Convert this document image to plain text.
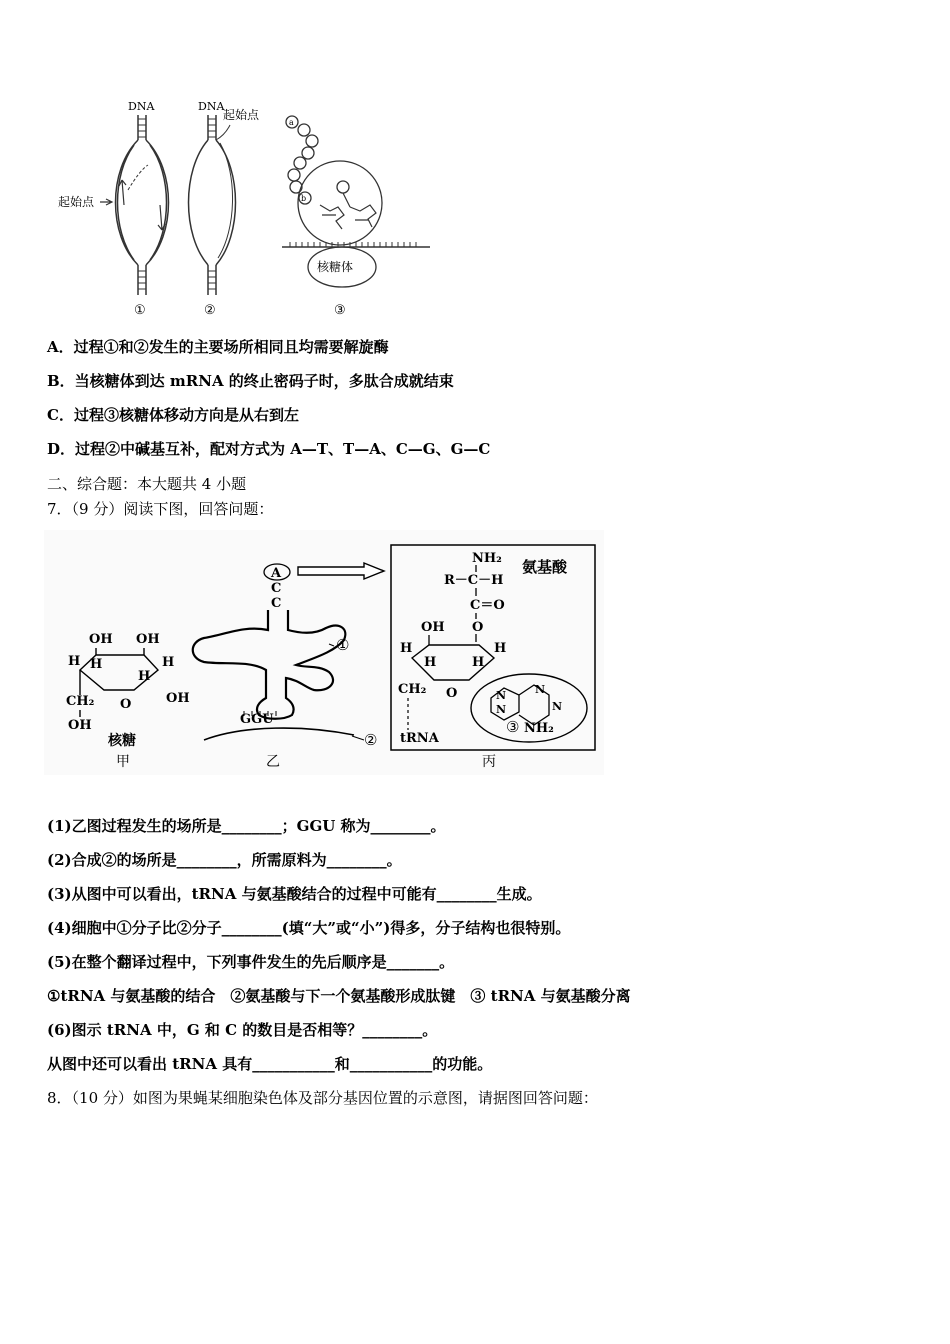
DNA
起始点
①
DNA
起始点
②
a
b
核糖体
③
A．过程①和②发生的主要场所相同且均需要解旋酶
B．当核糖体到达 mRNA 的终止密码子时，多肽合成就结束
C．过程③核糖体移动方向是从右到左
D．过程②中碱基互补，配对方式为 A—T、T—A、C—G、G—C
二、综合题：本大题共 4 小题
7．（9 分）阅读下图，回答问题：
OH OH
H H	H
H
CH₂ O	OH
OH
核糖
甲
A
C
C
GGU
②
①
乙
NH₂
R－C－H
氨基酸
C＝O
O
OH
H
H
H
H
CH₂ O
tRNA
N
N
N
N
③ NH₂
丙
(1)乙图过程发生的场所是________；GGU 称为________。
(2)合成②的场所是________，所需原料为________。
(3)从图中可以看出，tRNA 与氨基酸结合的过程中可能有________生成。
(4)细胞中①分子比②分子________(填“大”或“小”)得多，分子结构也很特别。
(5)在整个翻译过程中，下列事件发生的先后顺序是_______。
①tRNA 与氨基酸的结合　②氨基酸与下一个氨基酸形成肽键　③ tRNA 与氨基酸分离
(6)图示 tRNA 中，G 和 C 的数目是否相等？________。
从图中还可以看出 tRNA 具有___________和___________的功能。
8．（10 分）如图为果蝇某细胞染色体及部分基因位置的示意图，请据图回答问题：
